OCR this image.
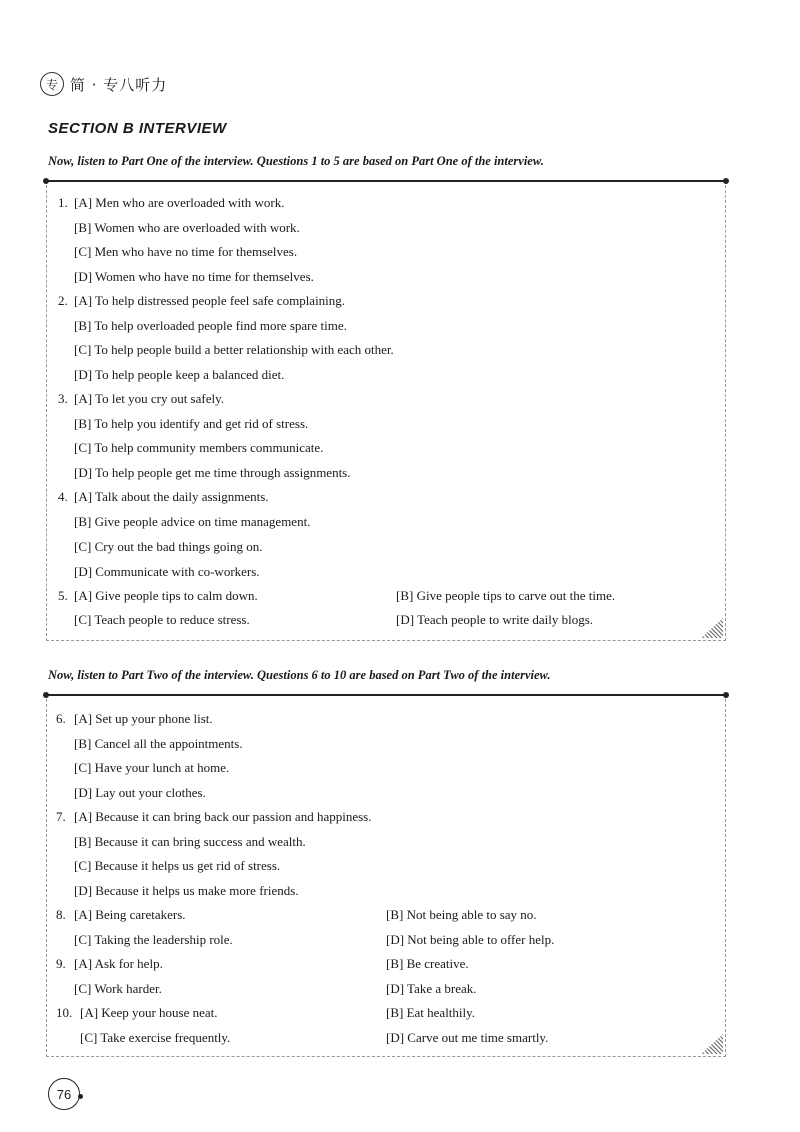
专 简 · 专八听力
SECTION B INTERVIEW
Now, listen to Part One of the interview. Questions 1 to 5 are based on Part One of the interview.
1. [A] Men who are overloaded with work.
[B] Women who are overloaded with work.
[C] Men who have no time for themselves.
[D] Women who have no time for themselves.
2. [A] To help distressed people feel safe complaining.
[B] To help overloaded people find more spare time.
[C] To help people build a better relationship with each other.
[D] To help people keep a balanced diet.
3. [A] To let you cry out safely.
[B] To help you identify and get rid of stress.
[C] To help community members communicate.
[D] To help people get me time through assignments.
4. [A] Talk about the daily assignments.
[B] Give people advice on time management.
[C] Cry out the bad things going on.
[D] Communicate with co-workers.
5. [A] Give people tips to calm down.	[B] Give people tips to carve out the time.
[C] Teach people to reduce stress.	[D] Teach people to write daily blogs.
Now, listen to Part Two of the interview. Questions 6 to 10 are based on Part Two of the interview.
6. [A] Set up your phone list.
[B] Cancel all the appointments.
[C] Have your lunch at home.
[D] Lay out your clothes.
7. [A] Because it can bring back our passion and happiness.
[B] Because it can bring success and wealth.
[C] Because it helps us get rid of stress.
[D] Because it helps us make more friends.
8. [A] Being caretakers.	[B] Not being able to say no.
[C] Taking the leadership role.	[D] Not being able to offer help.
9. [A] Ask for help.	[B] Be creative.
[C] Work harder.	[D] Take a break.
10. [A] Keep your house neat.	[B] Eat healthily.
[C] Take exercise frequently.	[D] Carve out me time smartly.
76
